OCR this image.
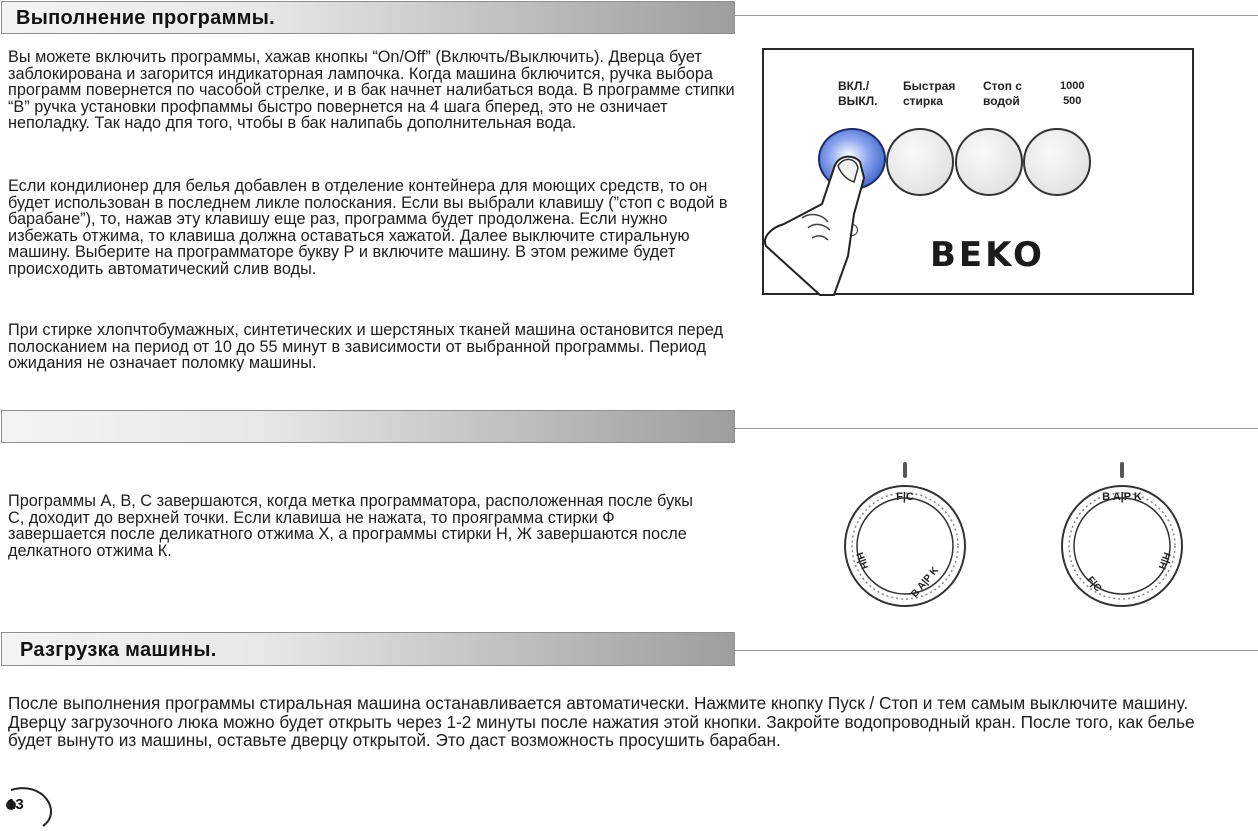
Выполнение программы.

Вы можете включить программы, хажав кнопкы “On/Off” (Включть/Выключить). Дверца бует заблокирована и загорится индикаторная лампочка. Когда машина бключится, ручка выбора программ повернется по часобой стрелке, и в бак начнет налибаться вода. В программе стипки “B” ручка установки профпаммы быстро повернется на 4 шага бперед, это не озничает неполадку. Так надо дпя того, чтобы в бак налипабь дополнительная вода.

Если кондилионер для белья добавлен в отделение контейнера для моющих средств, то он будет использован в последнем ликле полоскания. Если вы выбрали клавишу (”стоп с водой в барабане”), то, нажав эту клавишу еще раз, программа будет продолжена. Если нужно избежать отжима, то клавиша должна оставаться хажатой. Далее выключите стиральную машину. Выберите на программаторе букву Р и включите машину. В этом режиме будет происходить автоматический слив воды.

При стирке хлопчтобумажных, синтетических и шерстяных тканей машина остановится перед полосканием на период от 10 до 55 минут в зависимости от выбранной программы. Период ожидания не означает поломку машины.

ВКЛ./
ВЫКЛ.
Быстрая
стирка
Стоп с
водой
1000
500
BEKO

Программы А, В, С завершаются, когда метка программатора, расположенная после букы С, доходит до верхней точки. Если клавиша не нажата, то прояграмма стирки Ф завершается после деликатного отжима X, а программы стирки Н, Ж завершаются после делкатного отжима К.

F|C
B A|P K
H|H
B A|P K
F|C
H|H
Разгрузка машины.

После выполнения программы стиральная машина останавливается автоматически. Нажмите кнопку Пуск / Стоп и тем самым выключите машину. Дверцу загрузочного люка можно будет открыть через 1-2 минуты после нажатия этой кнопки. Закройте водопроводный кран. После того, как белье будет вынуто из машины, оставьте дверцу открытой. Это даст возможность просушить барабан.

13
